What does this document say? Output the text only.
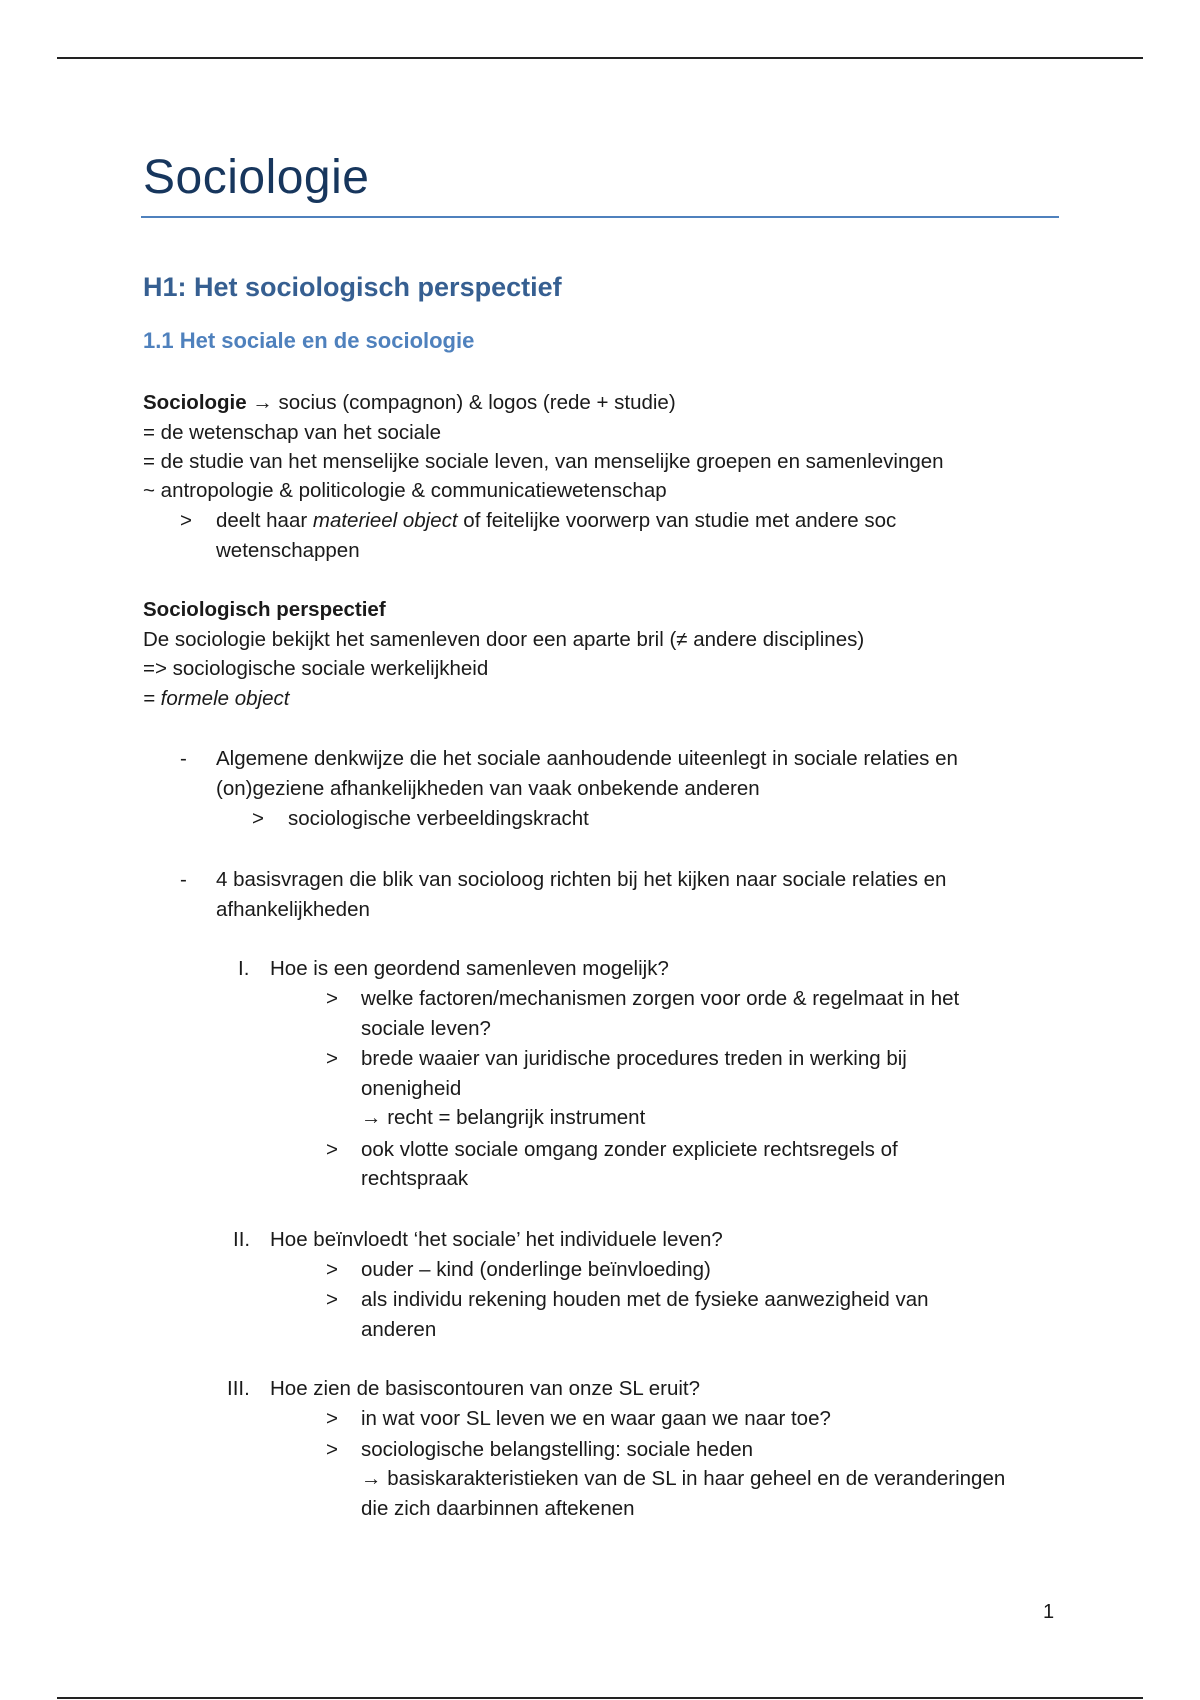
Sociologie
H1: Het sociologisch perspectief
1.1 Het sociale en de sociologie
Sociologie → socius (compagnon) & logos (rede + studie)
= de wetenschap van het sociale
= de studie van het menselijke sociale leven, van menselijke groepen en samenlevingen
~ antropologie & politicologie & communicatiewetenschap
> deelt haar materieel object of feitelijke voorwerp van studie met andere soc
wetenschappen
Sociologisch perspectief
De sociologie bekijkt het samenleven door een aparte bril (≠ andere disciplines)
=> sociologische sociale werkelijkheid
= formele object
- Algemene denkwijze die het sociale aanhoudende uiteenlegt in sociale relaties en
(on)geziene afhankelijkheden van vaak onbekende anderen
> sociologische verbeeldingskracht
- 4 basisvragen die blik van socioloog richten bij het kijken naar sociale relaties en
afhankelijkheden
I. Hoe is een geordend samenleven mogelijk?
> welke factoren/mechanismen zorgen voor orde & regelmaat in het
sociale leven?
> brede waaier van juridische procedures treden in werking bij
onenigheid
→ recht = belangrijk instrument
> ook vlotte sociale omgang zonder expliciete rechtsregels of
rechtspraak
II. Hoe beïnvloedt ‘het sociale’ het individuele leven?
> ouder – kind (onderlinge beïnvloeding)
> als individu rekening houden met de fysieke aanwezigheid van
anderen
III. Hoe zien de basiscontouren van onze SL eruit?
> in wat voor SL leven we en waar gaan we naar toe?
> sociologische belangstelling: sociale heden
→ basiskarakteristieken van de SL in haar geheel en de veranderingen
die zich daarbinnen aftekenen
1
